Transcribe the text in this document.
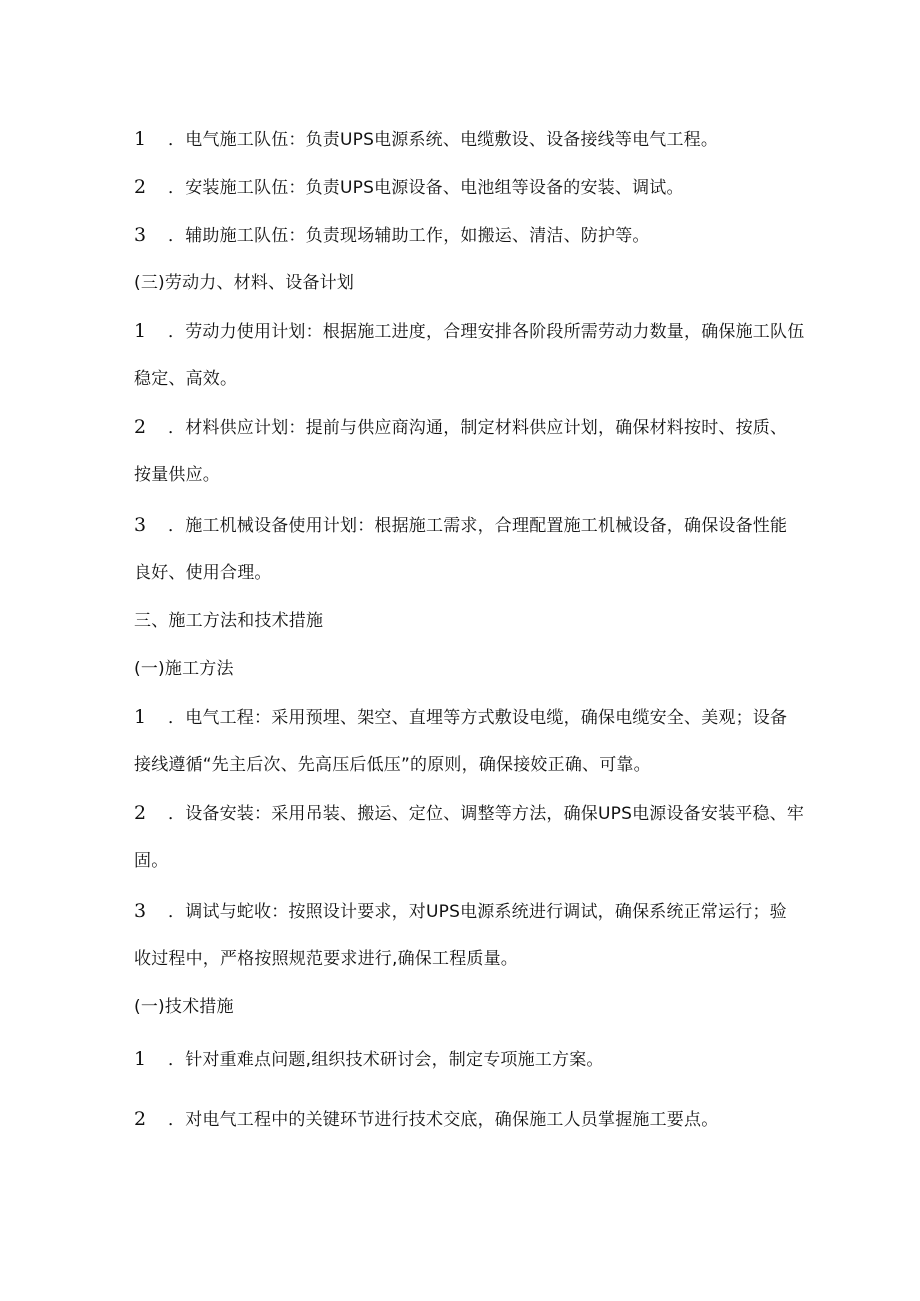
1 ．电气施工队伍：负责UPS电源系统、电缆敷设、设备接线等电气工程。
2 ．安装施工队伍：负责UPS电源设备、电池组等设备的安装、调试。
3 ．辅助施工队伍：负责现场辅助工作，如搬运、清洁、防护等。
(三)劳动力、材料、设备计划
1 ．劳动力使用计划：根据施工进度，合理安排各阶段所需劳动力数量，确保施工队伍
稳定、高效。
2 ．材料供应计划：提前与供应商沟通，制定材料供应计划，确保材料按时、按质、
按量供应。
3 ．施工机械设备使用计划：根据施工需求，合理配置施工机械设备，确保设备性能
良好、使用合理。
三、施工方法和技术措施
(一)施工方法
1 ．电气工程：采用预埋、架空、直埋等方式敷设电缆，确保电缆安全、美观；设备
接线遵循“先主后次、先高压后低压”的原则，确保接姣正确、可靠。
2 ．设备安装：采用吊装、搬运、定位、调整等方法，确保UPS电源设备安装平稳、牢
固。
3 ．调试与蛇收：按照设计要求，对UPS电源系统进行调试，确保系统正常运行；验
收过程中，严格按照规范要求进行,确保工程质量。
(一)技术措施
1 ．针对重难点问题,组织技术研讨会，制定专项施工方案。
2 ．对电气工程中的关键环节进行技术交底，确保施工人员掌握施工要点。
